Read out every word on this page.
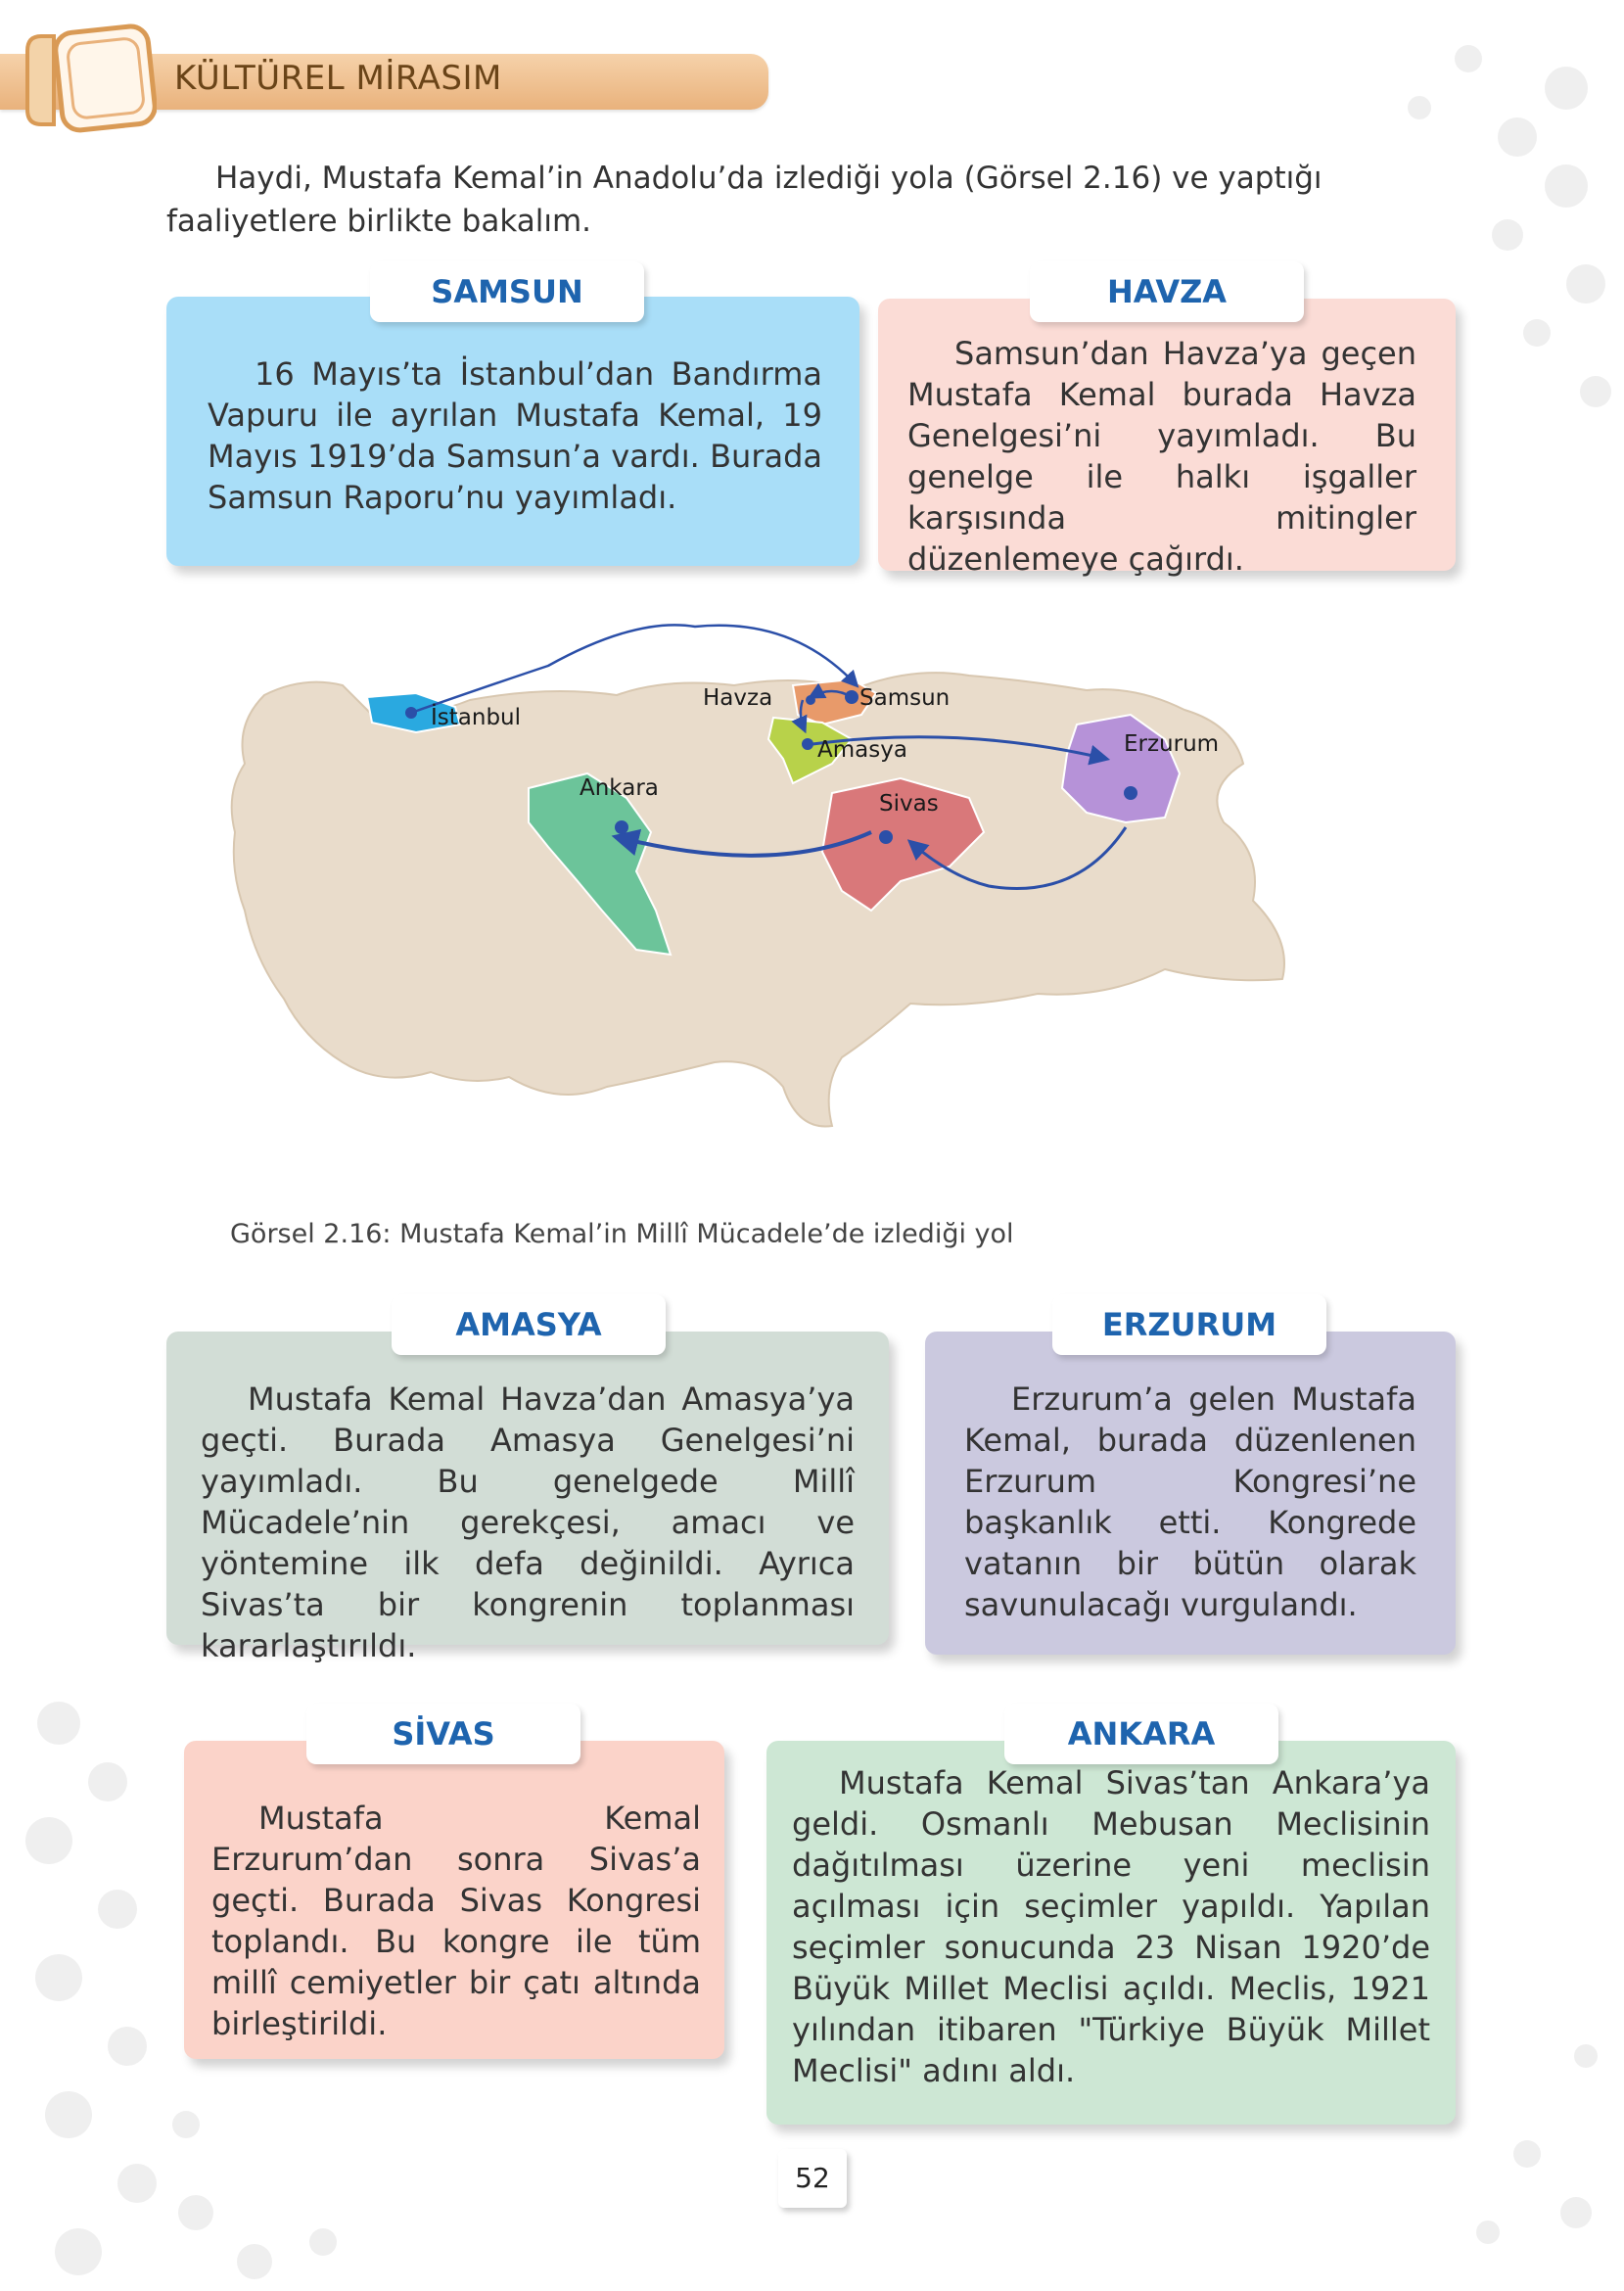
KÜLTÜREL MİRASIM
Haydi, Mustafa Kemal’in Anadolu’da izlediği yola (Görsel 2.16) ve yaptığı faaliyetlere birlikte bakalım.
SAMSUN
16 Mayıs’ta İstanbul’dan Bandırma Vapuru ile ayrılan Mustafa Kemal, 19 Mayıs 1919’da Samsun’a vardı. Burada Samsun Raporu’nu yayımladı.
HAVZA
Samsun’dan Havza’ya geçen Mustafa Kemal burada Havza Genelgesi’ni yayımladı. Bu genelge ile halkı işgaller karşısında mitingler düzenlemeye çağırdı.
İstanbul
Havza	Samsun
Amasya	Erzurum
Ankara
Sivas
Görsel 2.16: Mustafa Kemal’in Millî Mücadele’de izlediği yol
AMASYA
Mustafa Kemal Havza’dan Amasya’ya geçti. Burada Amasya Genelgesi’ni yayımladı. Bu genelgede Millî Mücadele’nin gerekçesi, amacı ve yöntemine ilk defa değinildi. Ayrıca Sivas’ta bir kongrenin toplanması kararlaştırıldı.
ERZURUM
Erzurum’a gelen Mustafa Kemal, burada düzenlenen Erzurum Kongresi’ne başkanlık etti. Kongrede vatanın bir bütün olarak savunulacağı vurgulandı.
SİVAS
Mustafa Kemal Erzurum’dan sonra Sivas’a geçti. Burada Sivas Kongresi toplandı. Bu kongre ile tüm millî cemiyetler bir çatı altında birleştirildi.
ANKARA
Mustafa Kemal Sivas’tan Ankara’ya geldi. Osmanlı Mebusan Meclisinin dağıtılması üzerine yeni meclisin açılması için seçimler yapıldı. Yapılan seçimler sonucunda 23 Nisan 1920’de Büyük Millet Meclisi açıldı. Meclis, 1921 yılından itibaren "Türkiye Büyük Millet Meclisi" adını aldı.
52
